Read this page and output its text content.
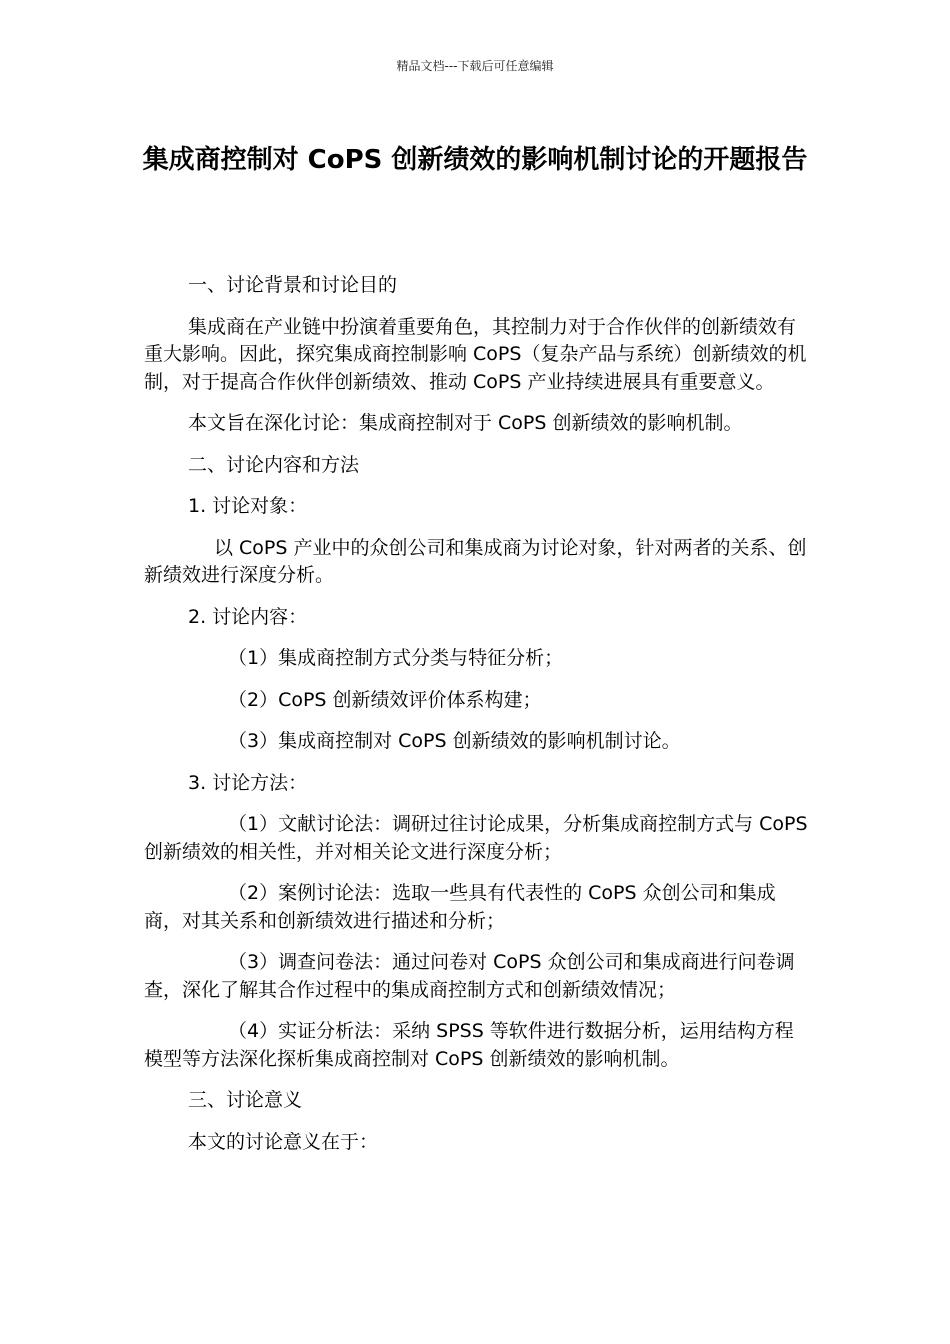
精品文档---下载后可任意编辑
集成商控制对 CoPS 创新绩效的影响机制讨论的开题报告

一、讨论背景和讨论目的

集成商在产业链中扮演着重要角色，其控制力对于合作伙伴的创新绩效有重大影响。因此，探究集成商控制影响 CoPS（复杂产品与系统）创新绩效的机制，对于提高合作伙伴创新绩效、推动 CoPS 产业持续进展具有重要意义。

本文旨在深化讨论：集成商控制对于 CoPS 创新绩效的影响机制。

二、讨论内容和方法

1. 讨论对象：

以 CoPS 产业中的众创公司和集成商为讨论对象，针对两者的关系、创新绩效进行深度分析。

2. 讨论内容：

（1）集成商控制方式分类与特征分析；

（2）CoPS 创新绩效评价体系构建；

（3）集成商控制对 CoPS 创新绩效的影响机制讨论。

3. 讨论方法：

（1）文献讨论法：调研过往讨论成果，分析集成商控制方式与 CoPS 创新绩效的相关性，并对相关论文进行深度分析；

（2）案例讨论法：选取一些具有代表性的 CoPS 众创公司和集成商，对其关系和创新绩效进行描述和分析；

（3）调查问卷法：通过问卷对 CoPS 众创公司和集成商进行问卷调查，深化了解其合作过程中的集成商控制方式和创新绩效情况；

（4）实证分析法：采纳 SPSS 等软件进行数据分析，运用结构方程模型等方法深化探析集成商控制对 CoPS 创新绩效的影响机制。

三、讨论意义

本文的讨论意义在于：
